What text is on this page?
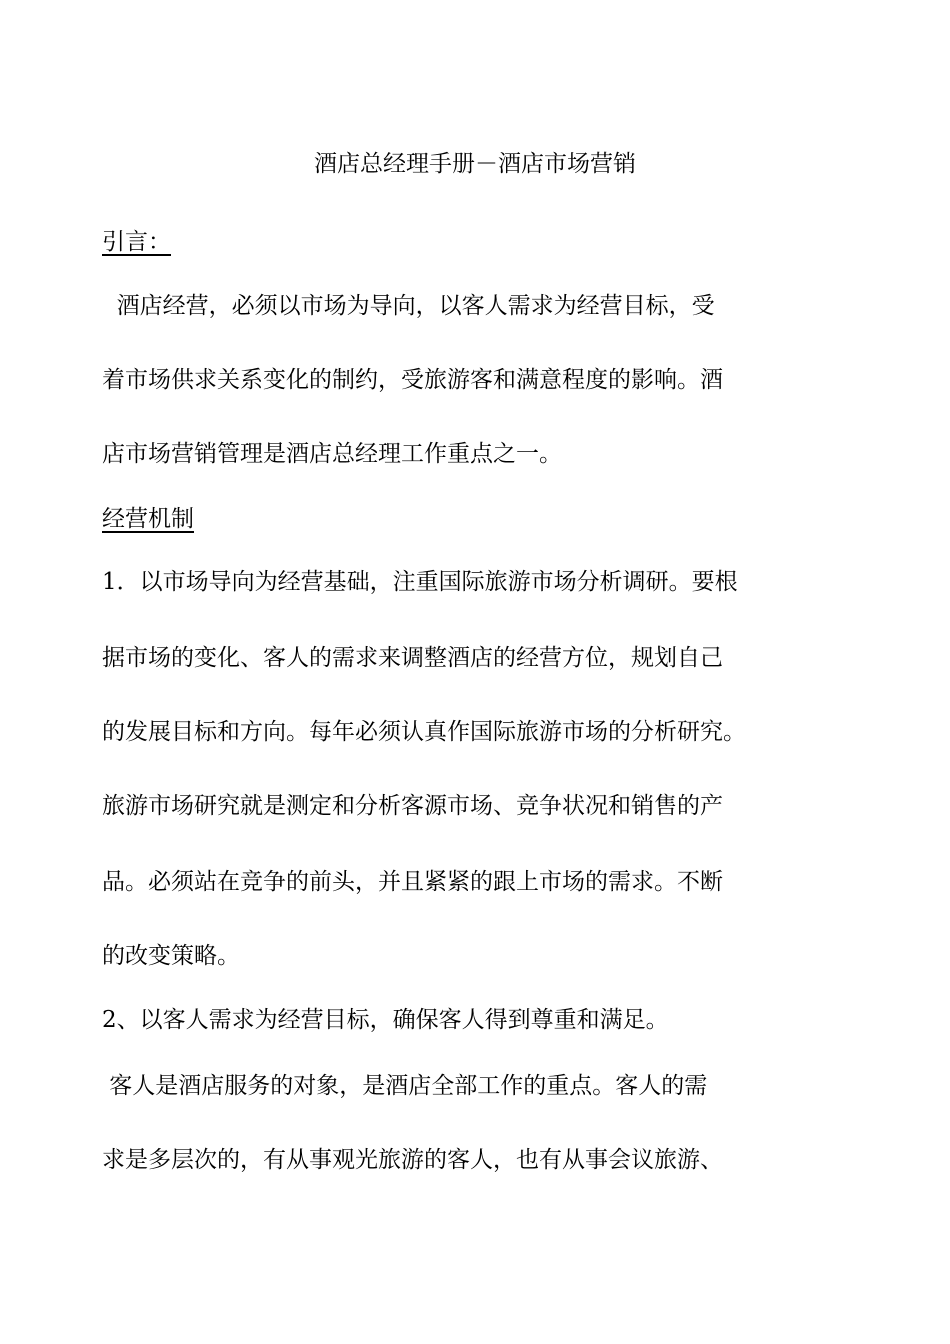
酒店总经理手册－酒店市场营销
引言：
酒店经营，必须以市场为导向，以客人需求为经营目标，受
着市场供求关系变化的制约，受旅游客和满意程度的影响。酒
店市场营销管理是酒店总经理工作重点之一。
经营机制
1．以市场导向为经营基础，注重国际旅游市场分析调研。要根
据市场的变化、客人的需求来调整酒店的经营方位，规划自己
的发展目标和方向。每年必须认真作国际旅游市场的分析研究。
旅游市场研究就是测定和分析客源市场、竞争状况和销售的产
品。必须站在竞争的前头，并且紧紧的跟上市场的需求。不断
的改变策略。
2、以客人需求为经营目标，确保客人得到尊重和满足。
客人是酒店服务的对象，是酒店全部工作的重点。客人的需
求是多层次的，有从事观光旅游的客人，也有从事会议旅游、
